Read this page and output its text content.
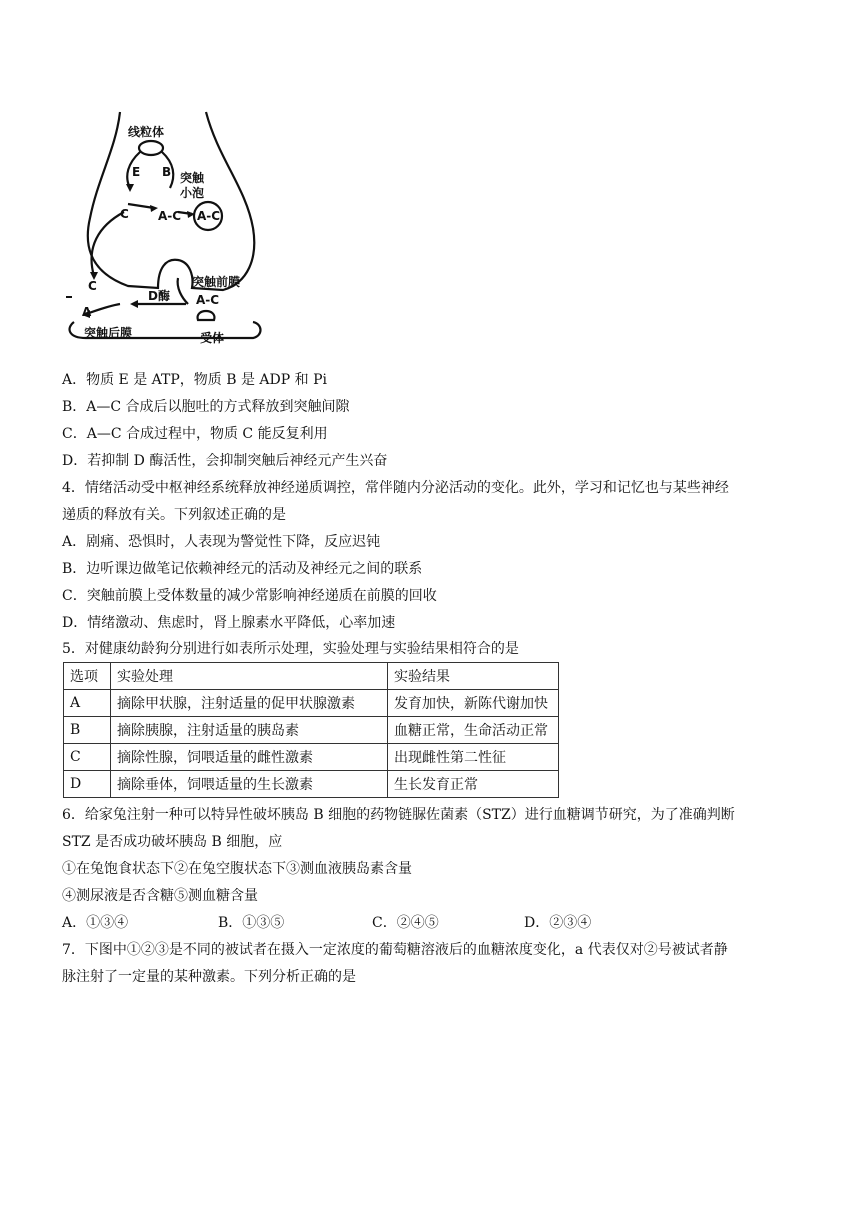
线粒体
E B 突触
小泡
C A-C A-C
突触前膜
C
D酶 A-C
A
突触后膜	受体
A．物质 E 是 ATP，物质 B 是 ADP 和 Pi
B．A—C 合成后以胞吐的方式释放到突触间隙
C．A—C 合成过程中，物质 C 能反复利用
D．若抑制 D 酶活性，会抑制突触后神经元产生兴奋
4．情绪活动受中枢神经系统释放神经递质调控，常伴随内分泌活动的变化。此外，学习和记忆也与某些神经
递质的释放有关。下列叙述正确的是
A．剧痛、恐惧时，人表现为警觉性下降，反应迟钝
B．边听课边做笔记依赖神经元的活动及神经元之间的联系
C．突触前膜上受体数量的减少常影响神经递质在前膜的回收
D．情绪激动、焦虑时，肾上腺素水平降低，心率加速
5．对健康幼龄狗分别进行如表所示处理，实验处理与实验结果相符合的是
选项	实验处理	实验结果
A	摘除甲状腺，注射适量的促甲状腺激素	发育加快，新陈代谢加快
B	摘除胰腺，注射适量的胰岛素	血糖正常，生命活动正常
C	摘除性腺，饲喂适量的雌性激素	出现雌性第二性征
D	摘除垂体，饲喂适量的生长激素	生长发育正常
6．给家兔注射一种可以特异性破坏胰岛 B 细胞的药物链脲佐菌素（STZ）进行血糖调节研究，为了准确判断
STZ 是否成功破坏胰岛 B 细胞，应
①在兔饱食状态下②在兔空腹状态下③测血液胰岛素含量
④测尿液是否含糖⑤测血糖含量
A．①③④	B．①③⑤	C．②④⑤	D．②③④
7．下图中①②③是不同的被试者在摄入一定浓度的葡萄糖溶液后的血糖浓度变化，a 代表仅对②号被试者静
脉注射了一定量的某种激素。下列分析正确的是
